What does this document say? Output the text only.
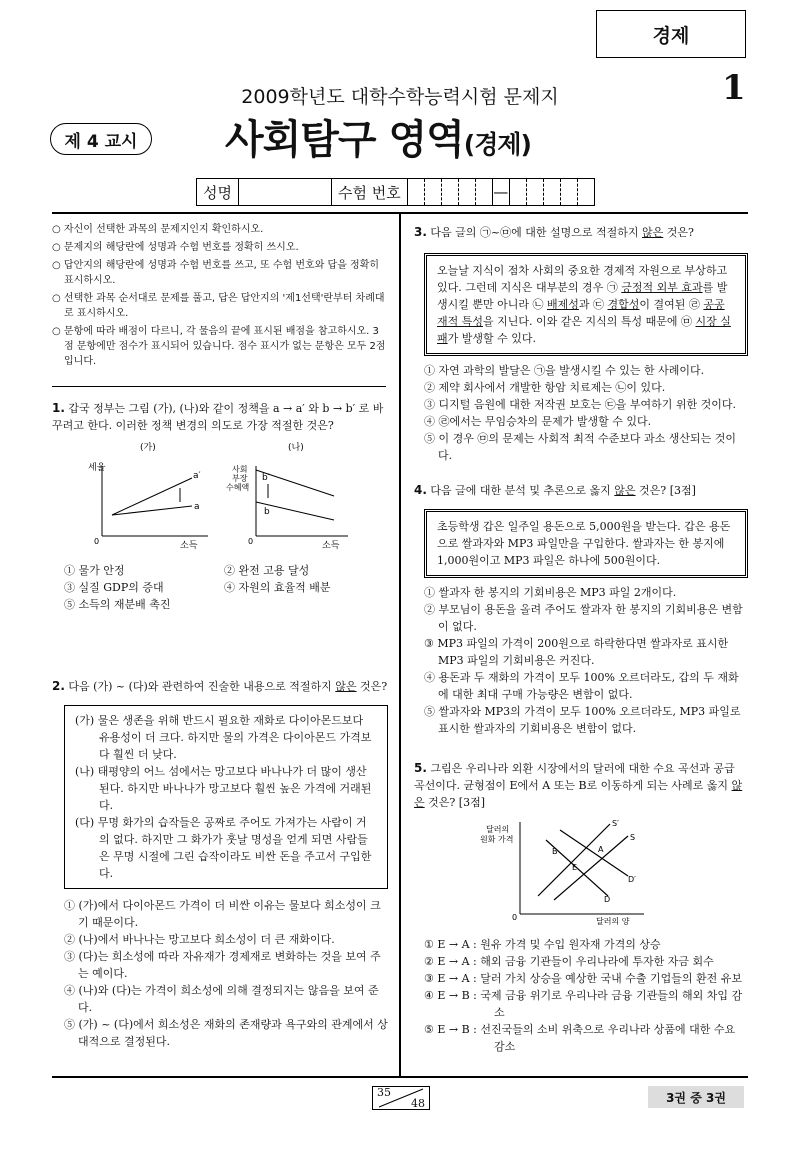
경제
2009학년도 대학수학능력시험 문제지	1
제 4 교시 사회탐구 영역(경제)
성명	수험 번호	—
○ 자신이 선택한 과목의 문제지인지 확인하시오.
○ 문제지의 해당란에 성명과 수험 번호를 정확히 쓰시오.
○ 답안지의 해당란에 성명과 수험 번호를 쓰고, 또 수험 번호와 답을 정확히 표시하시오.
○ 선택한 과목 순서대로 문제를 풀고, 답은 답안지의 '제1선택'란부터 차례대로 표시하시오.
○ 문항에 따라 배점이 다르니, 각 물음의 끝에 표시된 배점을 참고하시오. 3점 문항에만 점수가 표시되어 있습니다. 점수 표시가 없는 문항은 모두 2점입니다.
1. 갑국 정부는 그림 (가), (나)와 같이 정책을 a → a′ 와 b → b′ 로 바꾸려고 한다. 이러한 정책 변경의 의도로 가장 적절한 것은?
(가)
세율
a′
a
0	소득
(나)
사회 부장 수혜액
b′
b
0	소득
① 물가 안정	② 완전 고용 달성
③ 실질 GDP의 증대	④ 자원의 효율적 배분
⑤ 소득의 재분배 촉진
2. 다음 (가) ~ (다)와 관련하여 진술한 내용으로 적절하지 않은 것은?
(가) 물은 생존을 위해 반드시 필요한 재화로 다이아몬드보다 유용성이 더 크다. 하지만 물의 가격은 다이아몬드 가격보다 훨씬 더 낮다.
(나) 태평양의 어느 섬에서는 망고보다 바나나가 더 많이 생산된다. 하지만 바나나가 망고보다 훨씬 높은 가격에 거래된다.
(다) 무명 화가의 습작들은 공짜로 주어도 가져가는 사람이 거의 없다. 하지만 그 화가가 훗날 명성을 얻게 되면 사람들은 무명 시절에 그린 습작이라도 비싼 돈을 주고서 구입한다.
① (가)에서 다이아몬드 가격이 더 비싼 이유는 물보다 희소성이 크기 때문이다.
② (나)에서 바나나는 망고보다 희소성이 더 큰 재화이다.
③ (다)는 희소성에 따라 자유재가 경제재로 변화하는 것을 보여 주는 예이다.
④ (나)와 (다)는 가격이 희소성에 의해 결정되지는 않음을 보여 준다.
⑤ (가) ~ (다)에서 희소성은 재화의 존재량과 욕구와의 관계에서 상대적으로 결정된다.
3. 다음 글의 ㉠~㉤에 대한 설명으로 적절하지 않은 것은?
오늘날 지식이 점차 사회의 중요한 경제적 자원으로 부상하고 있다. 그런데 지식은 대부분의 경우 ㉠ 긍정적 외부 효과를 발생시킬 뿐만 아니라 ㉡ 배제성과 ㉢ 경합성이 결여된 ㉣ 공공재적 특성을 지닌다. 이와 같은 지식의 특성 때문에 ㉤ 시장 실패가 발생할 수 있다.
① 자연 과학의 발달은 ㉠을 발생시킬 수 있는 한 사례이다.
② 제약 회사에서 개발한 항암 치료제는 ㉡이 있다.
③ 디지털 음원에 대한 저작권 보호는 ㉢을 부여하기 위한 것이다.
④ ㉣에서는 무임승차의 문제가 발생할 수 있다.
⑤ 이 경우 ㉤의 문제는 사회적 최적 수준보다 과소 생산되는 것이다.
4. 다음 글에 대한 분석 및 추론으로 옳지 않은 것은? [3점]
초등학생 갑은 일주일 용돈으로 5,000원을 받는다. 갑은 용돈으로 쌀과자와 MP3 파일만을 구입한다. 쌀과자는 한 봉지에 1,000원이고 MP3 파일은 하나에 500원이다.
① 쌀과자 한 봉지의 기회비용은 MP3 파일 2개이다.
② 부모님이 용돈을 올려 주어도 쌀과자 한 봉지의 기회비용은 변함이 없다.
③ MP3 파일의 가격이 200원으로 하락한다면 쌀과자로 표시한 MP3 파일의 기회비용은 커진다.
④ 용돈과 두 재화의 가격이 모두 100% 오르더라도, 갑의 두 재화에 대한 최대 구매 가능량은 변함이 없다.
⑤ 쌀과자와 MP3의 가격이 모두 100% 오르더라도, MP3 파일로 표시한 쌀과자의 기회비용은 변함이 없다.
5. 그림은 우리나라 외환 시장에서의 달러에 대한 수요 곡선과 공급 곡선이다. 균형점이 E에서 A 또는 B로 이동하게 되는 사례로 옳지 않은 것은? [3점]
달러의
원화 가격
S′
S
B	A
E
D′
D
0	달러의 양
① E → A : 원유 가격 및 수입 원자재 가격의 상승
② E → A : 해외 금융 기관들이 우리나라에 투자한 자금 회수
③ E → A : 달러 가치 상승을 예상한 국내 수출 기업들의 환전 유보
④ E → B : 국제 금융 위기로 우리나라 금융 기관들의 해외 차입 감소
⑤ E → B : 선진국들의 소비 위축으로 우리나라 상품에 대한 수요 감소
35
48	3권 중 3권
